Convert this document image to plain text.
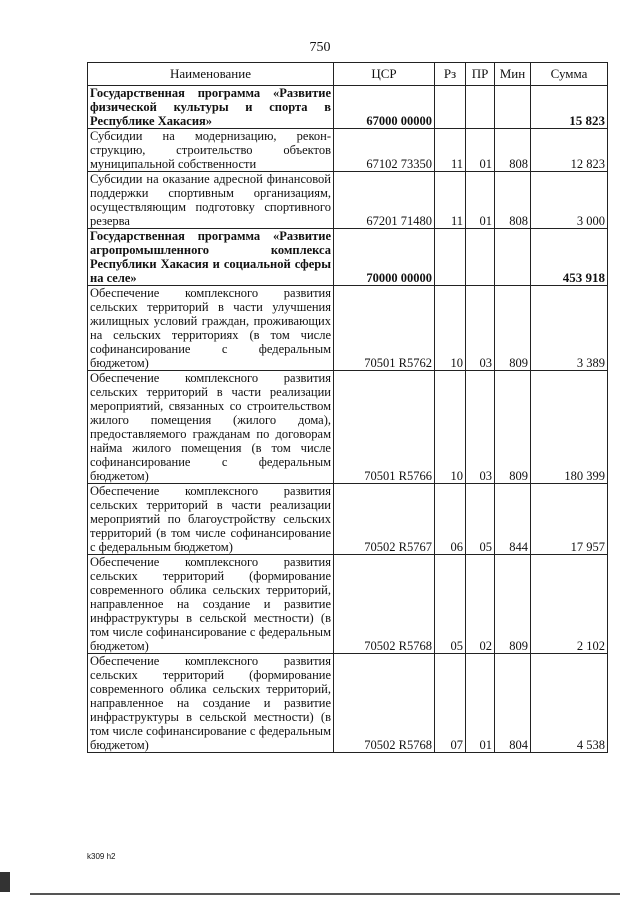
750
Наименование	ЦСР	Рз	ПР	Мин	Сумма
Государственная программа «Развитие физической культуры и спорта в Республике Хакасия»	67000 00000				15 823
Субсидии на модернизацию, реконструкцию, строительство объектов муниципальной собственности	67102 73350	11	01	808	12 823
Субсидии на оказание адресной финансовой поддержки спортивным организациям, осуществляющим подготовку спортивного резерва	67201 71480	11	01	808	3 000
Государственная программа «Развитие агропромышленного комплекса Республики Хакасия и социальной сферы на селе»	70000 00000				453 918
Обеспечение комплексного развития сельских территорий в части улучшения жилищных условий граждан, проживающих на сельских территориях (в том числе софинансирование с федеральным бюджетом)	70501 R5762	10	03	809	3 389
Обеспечение комплексного развития сельских территорий в части реализации мероприятий, связанных со строительством жилого помещения (жилого дома), предоставляемого гражданам по договорам найма жилого помещения (в том числе софинансирование с федеральным бюджетом)	70501 R5766	10	03	809	180 399
Обеспечение комплексного развития сельских территорий в части реализации мероприятий по благоустройству сельских территорий (в том числе софинансирование с федеральным бюджетом)	70502 R5767	06	05	844	17 957
Обеспечение комплексного развития сельских территорий (формирование современного облика сельских территорий, направленное на создание и развитие инфраструктуры в сельской местности) (в том числе софинансирование с федеральным бюджетом)	70502 R5768	05	02	809	2 102
Обеспечение комплексного развития сельских территорий (формирование современного облика сельских территорий, направленное на создание и развитие инфраструктуры в сельской местности) (в том числе софинансирование с федеральным бюджетом)	70502 R5768	07	01	804	4 538
k309 h2
